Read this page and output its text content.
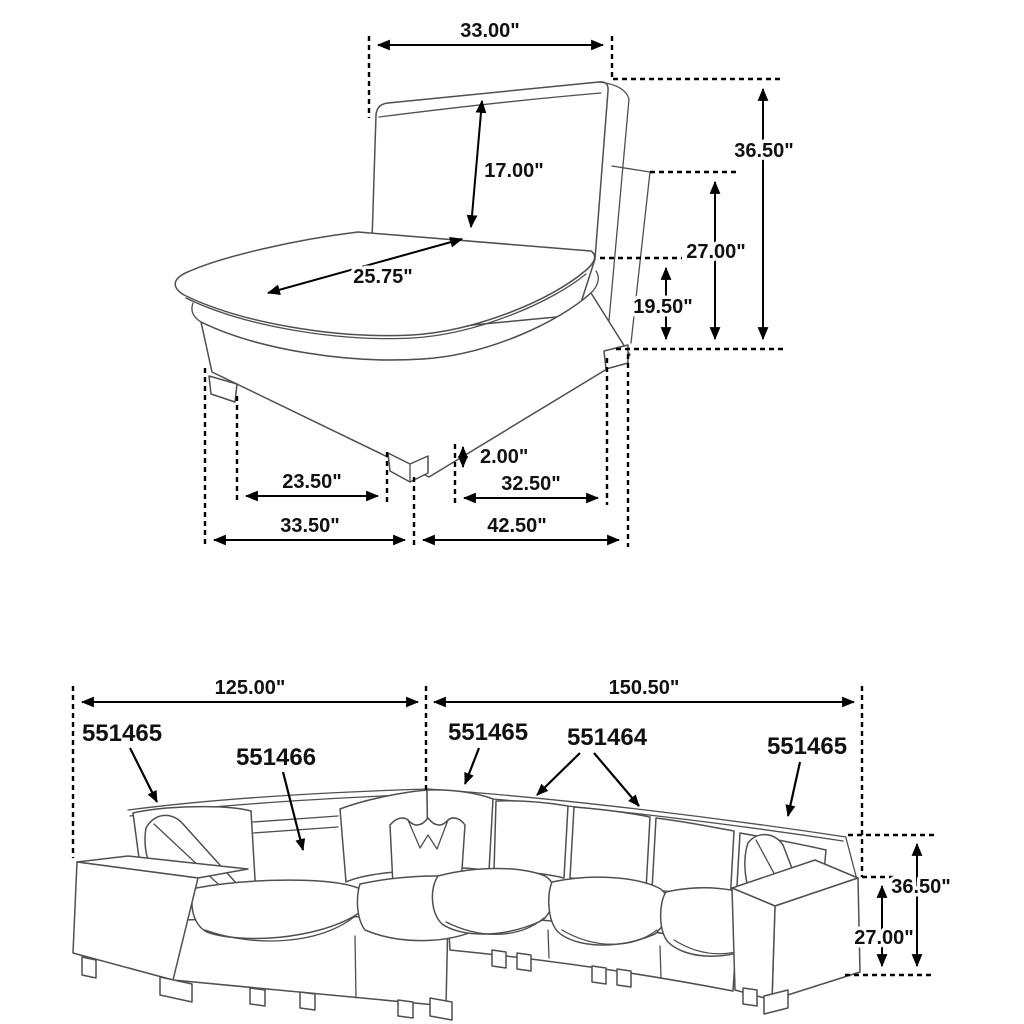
33.00"
17.00"
25.75"
36.50"
27.00"
19.50"
2.00"
23.50"	32.50"
33.50"	42.50"
125.00"	150.50"
36.50"
27.00"
551465
551466
551465 551464	551465
